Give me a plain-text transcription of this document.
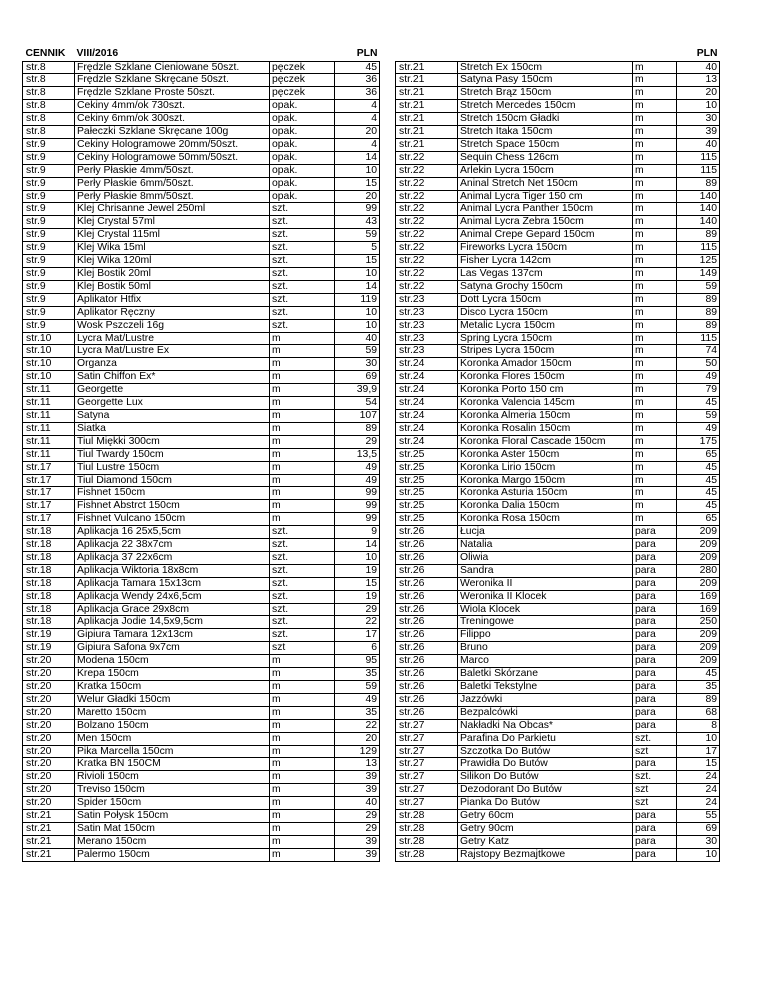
CENNIK	VIII/2016		PLN
str.8	Frędzle Szklane Cieniowane 50szt.	pęczek	45
str.8	Frędzle Szklane Skręcane 50szt.	pęczek	36
str.8	Frędzle Szklane Proste 50szt.	pęczek	36
str.8	Cekiny 4mm/ok 730szt.	opak.	4
str.8	Cekiny 6mm/ok 300szt.	opak.	4
str.8	Pałeczki Szklane Skręcane 100g	opak.	20
str.9	Cekiny Hologramowe 20mm/50szt.	opak.	4
str.9	Cekiny Hologramowe 50mm/50szt.	opak.	14
str.9	Perły Płaskie 4mm/50szt.	opak.	10
str.9	Perły Płaskie 6mm/50szt.	opak.	15
str.9	Perły Płaskie 8mm/50szt.	opak.	20
str.9	Klej Chrisanne Jewel 250ml	szt.	99
str.9	Klej Crystal 57ml	szt.	43
str.9	Klej Crystal 115ml	szt.	59
str.9	Klej Wika 15ml	szt.	5
str.9	Klej Wika 120ml	szt.	15
str.9	Klej Bostik 20ml	szt.	10
str.9	Klej Bostik 50ml	szt.	14
str.9	Aplikator Htfix	szt.	119
str.9	Aplikator Ręczny	szt.	10
str.9	Wosk Pszczeli 16g	szt.	10
str.10	Lycra Mat/Lustre	m	40
str.10	Lycra Mat/Lustre Ex	m	59
str.10	Organza	m	30
str.10	Satin Chiffon Ex*	m	69
str.11	Georgette	m	39,9
str.11	Georgette Lux	m	54
str.11	Satyna	m	107
str.11	Siatka	m	89
str.11	Tiul Miękki 300cm	m	29
str.11	Tiul Twardy 150cm	m	13,5
str.17	Tiul Lustre 150cm	m	49
str.17	Tiul Diamond 150cm	m	49
str.17	Fishnet 150cm	m	99
str.17	Fishnet Abstrct 150cm	m	99
str.17	Fishnet Vulcano 150cm	m	99
str.18	Aplikacja 16 25x5,5cm	szt.	9
str.18	Aplikacja 22 38x7cm	szt.	14
str.18	Aplikacja 37 22x6cm	szt.	10
str.18	Aplikacja Wiktoria 18x8cm	szt.	19
str.18	Aplikacja Tamara 15x13cm	szt.	15
str.18	Aplikacja Wendy 24x6,5cm	szt.	19
str.18	Aplikacja Grace 29x8cm	szt.	29
str.18	Aplikacja Jodie 14,5x9,5cm	szt.	22
str.19	Gipiura Tamara 12x13cm	szt.	17
str.19	Gipiura Safona 9x7cm	szt	6
str.20	Modena 150cm	m	95
str.20	Krepa 150cm	m	35
str.20	Kratka 150cm	m	59
str.20	Welur Gładki 150cm	m	49
str.20	Maretto 150cm	m	35
str.20	Bolzano 150cm	m	22
str.20	Men 150cm	m	20
str.20	Pika Marcella 150cm	m	129
str.20	Kratka BN 150CM	m	13
str.20	Rivioli 150cm	m	39
str.20	Treviso 150cm	m	39
str.20	Spider 150cm	m	40
str.21	Satin Połysk 150cm	m	29
str.21	Satin Mat 150cm	m	29
str.21	Merano 150cm	m	39
str.21	Palermo 150cm	m	39
			PLN
str.21	Stretch Ex 150cm	m	40
str.21	Satyna Pasy 150cm	m	13
str.21	Stretch Brąz 150cm	m	20
str.21	Stretch Mercedes 150cm	m	10
str.21	Stretch 150cm Gładki	m	30
str.21	Stretch Itaka 150cm	m	39
str.21	Stretch Space 150cm	m	40
str.22	Sequin Chess 126cm	m	115
str.22	Arlekin Lycra 150cm	m	115
str.22	Aninal Stretch Net 150cm	m	89
str.22	Animal Lycra Tiger 150 cm	m	140
str.22	Animal Lycra Panther 150cm	m	140
str.22	Animal Lycra Zebra 150cm	m	140
str.22	Animal Crepe Gepard 150cm	m	89
str.22	Fireworks Lycra 150cm	m	115
str.22	Fisher Lycra 142cm	m	125
str.22	Las Vegas 137cm	m	149
str.22	Satyna Grochy 150cm	m	59
str.23	Dott Lycra 150cm	m	89
str.23	Disco Lycra 150cm	m	89
str.23	Metalic Lycra 150cm	m	89
str.23	Spring Lycra 150cm	m	115
str.23	Stripes Lycra 150cm	m	74
str.24	Koronka Amador 150cm	m	50
str.24	Koronka Flores 150cm	m	49
str.24	Koronka Porto 150 cm	m	79
str.24	Koronka Valencia 145cm	m	45
str.24	Koronka Almeria 150cm	m	59
str.24	Koronka Rosalin 150cm	m	49
str.24	Koronka Floral Cascade 150cm	m	175
str.25	Koronka Aster 150cm	m	65
str.25	Koronka Lirio 150cm	m	45
str.25	Koronka Margo 150cm	m	45
str.25	Koronka Asturia 150cm	m	45
str.25	Koronka Dalia 150cm	m	45
str.25	Koronka Rosa 150cm	m	65
str.26	Łucja	para	209
str.26	Natalia	para	209
str.26	Oliwia	para	209
str.26	Sandra	para	280
str.26	Weronika II	para	209
str.26	Weronika II Klocek	para	169
str.26	Wiola Klocek	para	169
str.26	Treningowe	para	250
str.26	Filippo	para	209
str.26	Bruno	para	209
str.26	Marco	para	209
str.26	Baletki Skórzane	para	45
str.26	Baletki Tekstylne	para	35
str.26	Jazzówki	para	89
str.26	Bezpalcówki	para	68
str.27	Nakładki Na Obcas*	para	8
str.27	Parafina Do Parkietu	szt.	10
str.27	Szczotka Do Butów	szt	17
str.27	Prawidła Do Butów	para	15
str.27	Silikon Do Butów	szt.	24
str.27	Dezodorant Do Butów	szt	24
str.27	Pianka Do Butów	szt	24
str.28	Getry 60cm	para	55
str.28	Getry 90cm	para	69
str.28	Getry Katz	para	30
str.28	Rajstopy Bezmajtkowe	para	10
